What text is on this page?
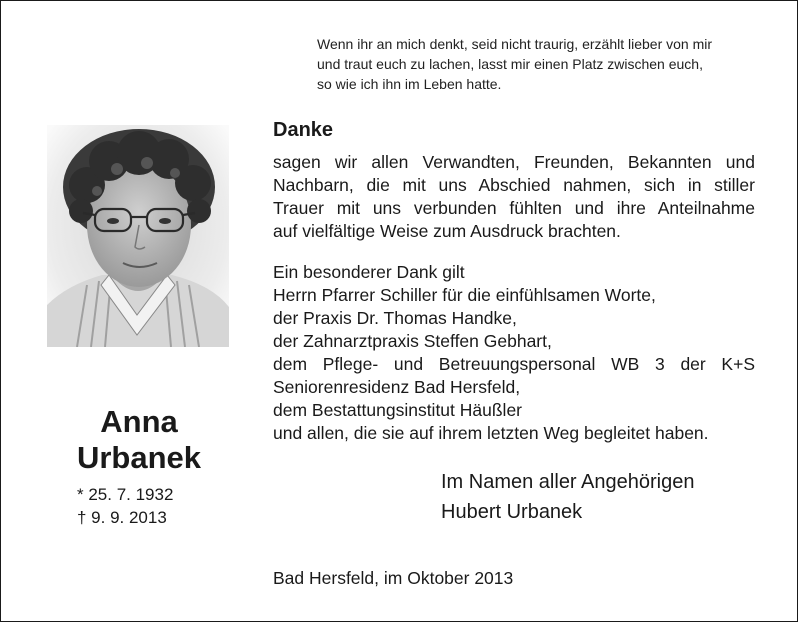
Wenn ihr an mich denkt, seid nicht traurig, erzählt lieber von mir
und traut euch zu lachen, lasst mir einen Platz zwischen euch,
so wie ich ihn im Leben hatte.
Anna
Urbanek
* 25. 7. 1932
† 9. 9. 2013
Danke
sagen wir allen Verwandten, Freunden, Bekannten und
Nachbarn, die mit uns Abschied nahmen, sich in stiller
Trauer mit uns verbunden fühlten und ihre Anteilnahme
auf vielfältige Weise zum Ausdruck brachten.
Ein besonderer Dank gilt
Herrn Pfarrer Schiller für die einfühlsamen Worte,
der Praxis Dr. Thomas Handke,
der Zahnarztpraxis Steffen Gebhart,
dem Pflege- und Betreuungspersonal WB 3 der K+S
Seniorenresidenz Bad Hersfeld,
dem Bestattungsinstitut Häußler
und allen, die sie auf ihrem letzten Weg begleitet haben.
Im Namen aller Angehörigen
Hubert Urbanek
Bad Hersfeld, im Oktober 2013
